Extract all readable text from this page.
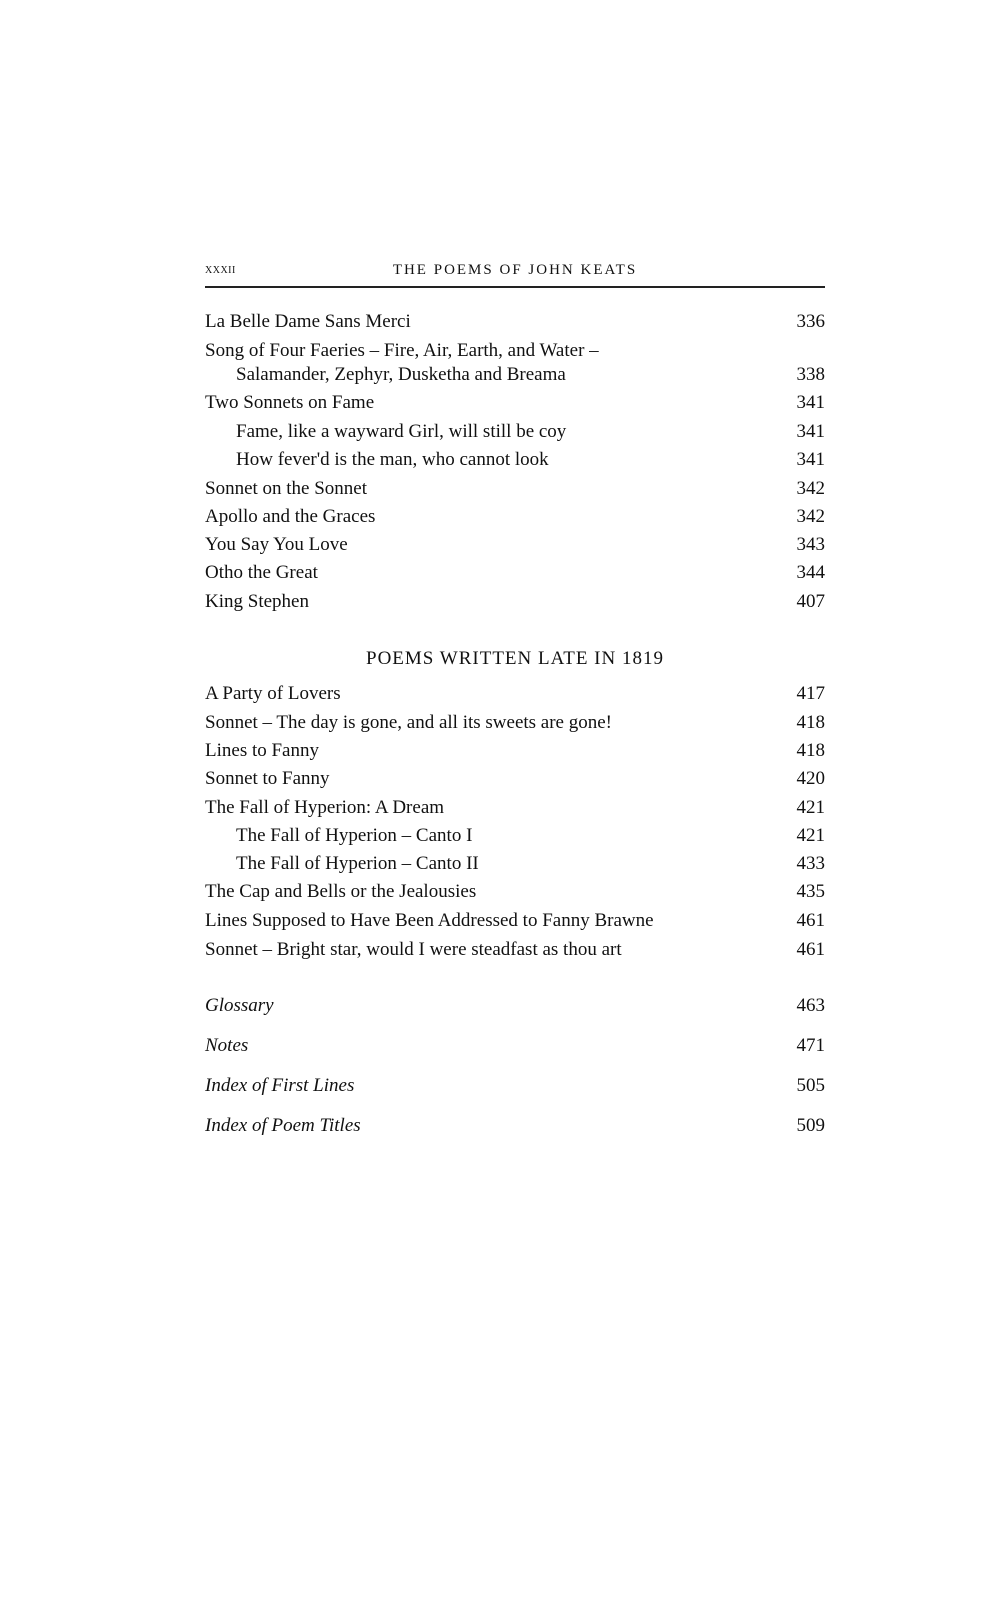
xxxii	THE POEMS OF JOHN KEATS
La Belle Dame Sans Merci	336
Song of Four Faeries – Fire, Air, Earth, and Water –
Salamander, Zephyr, Dusketha and Breama	338
Two Sonnets on Fame	341
Fame, like a wayward Girl, will still be coy	341
How fever'd is the man, who cannot look	341
Sonnet on the Sonnet	342
Apollo and the Graces	342
You Say You Love	343
Otho the Great	344
King Stephen	407
POEMS WRITTEN LATE IN 1819
A Party of Lovers	417
Sonnet – The day is gone, and all its sweets are gone!	418
Lines to Fanny	418
Sonnet to Fanny	420
The Fall of Hyperion: A Dream	421
The Fall of Hyperion – Canto I	421
The Fall of Hyperion – Canto II	433
The Cap and Bells or the Jealousies	435
Lines Supposed to Have Been Addressed to Fanny Brawne	461
Sonnet – Bright star, would I were steadfast as thou art	461
Glossary	463
Notes	471
Index of First Lines	505
Index of Poem Titles	509
